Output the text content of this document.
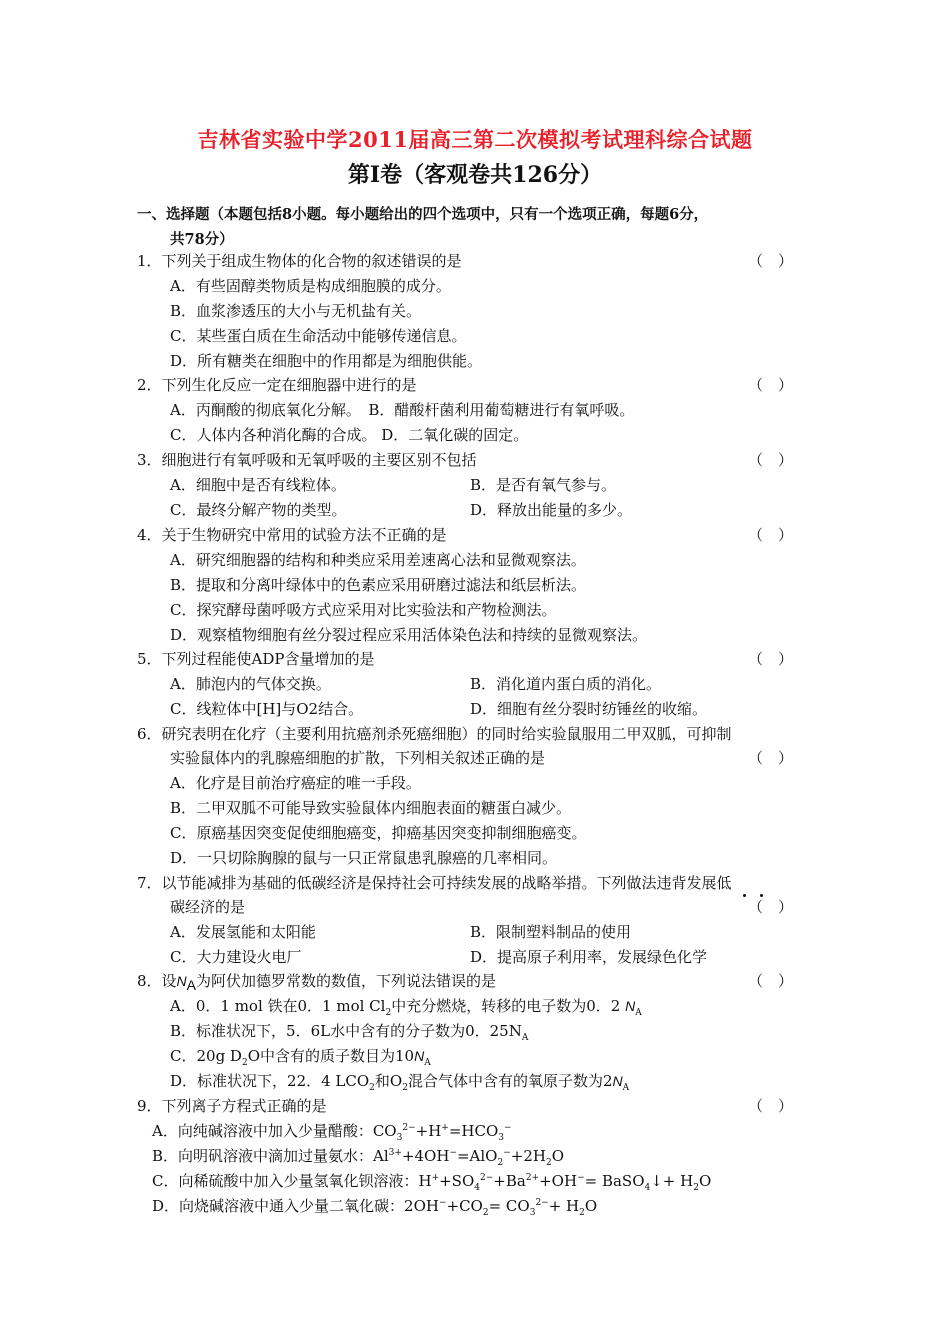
吉林省实验中学2011届高三第二次模拟考试理科综合试题
第Ⅰ卷（客观卷共126分）
一、选择题（本题包括8小题。每小题给出的四个选项中，只有一个选项正确，每题6分，
共78分）
1．下列关于组成生物体的化合物的叙述错误的是	（　）
A．有些固醇类物质是构成细胞膜的成分。
B．血浆渗透压的大小与无机盐有关。
C．某些蛋白质在生命活动中能够传递信息。
D．所有糖类在细胞中的作用都是为细胞供能。
2．下列生化反应一定在细胞器中进行的是	（　）
A．丙酮酸的彻底氧化分解。　B．醋酸杆菌利用葡萄糖进行有氧呼吸。
C．人体内各种消化酶的合成。 D．二氧化碳的固定。
3．细胞进行有氧呼吸和无氧呼吸的主要区别不包括	（　）
A．细胞中是否有线粒体。	B．是否有氧气参与。
C．最终分解产物的类型。	D．释放出能量的多少。
4．关于生物研究中常用的试验方法不正确的是	（　）
A．研究细胞器的结构和种类应采用差速离心法和显微观察法。
B．提取和分离叶绿体中的色素应采用研磨过滤法和纸层析法。
C．探究酵母菌呼吸方式应采用对比实验法和产物检测法。
D．观察植物细胞有丝分裂过程应采用活体染色法和持续的显微观察法。
5．下列过程能使ADP含量增加的是	（　）
A．肺泡内的气体交换。	B．消化道内蛋白质的消化。
C．线粒体中[H]与O2结合。	D．细胞有丝分裂时纺锤丝的收缩。
6．研究表明在化疗（主要利用抗癌剂杀死癌细胞）的同时给实验鼠服用二甲双胍，可抑制
实验鼠体内的乳腺癌细胞的扩散，下列相关叙述正确的是	（　）
A．化疗是目前治疗癌症的唯一手段。
B．二甲双胍不可能导致实验鼠体内细胞表面的糖蛋白减少。
C．原癌基因突变促使细胞癌变，抑癌基因突变抑制细胞癌变。
D．一只切除胸腺的鼠与一只正常鼠患乳腺癌的几率相同。
7．以节能减排为基础的低碳经济是保持社会可持续发展的战略举措。下列做法违背发展低
碳经济的是	（　）
A．发展氢能和太阳能	B．限制塑料制品的使用
C．大力建设火电厂	D．提高原子利用率，发展绿色化学
8．设$N_A$为阿伏加德罗常数的数值，下列说法错误的是	（　）
A．0．1 mol 铁在0．1 mol $Cl_2$中充分燃烧，转移的电子数为0．2 $N_A$
B．标准状况下，5．6L水中含有的分子数为0．$25N_A$
C．20g $D_2O$中含有的质子数目为$10N_A$
D．标准状况下，22．4 $LCO_2$和$O_2$混合气体中含有的氧原子数为$2N_A$
9．下列离子方程式正确的是	（　）
A．向纯碱溶液中加入少量醋酸：$CO_3^{2-}+H^+=HCO_3^-$
B．向明矾溶液中滴加过量氨水：$Al^{3+}+4OH^-=AlO_2^-+2H_2O$
C．向稀硫酸中加入少量氢氧化钡溶液：$H^++SO_4^{2-}+Ba^{2+}+OH^-=$ BaSO$_4$↓+ $H_2O$
D．向烧碱溶液中通入少量二氧化碳：$2OH^-+CO_2= CO_3^{2-}+ H_2O$
